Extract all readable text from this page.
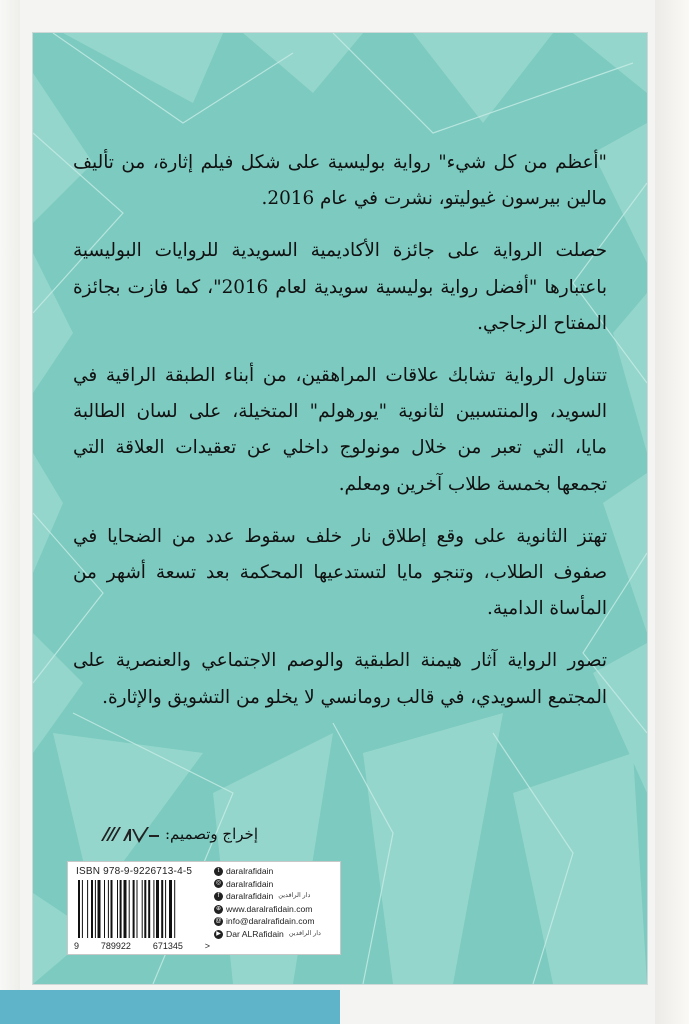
"أعظم من كل شيء" رواية بوليسية على شكل فيلم إثارة، من تأليف مالين بيرسون غيوليتو، نشرت في عام 2016.

حصلت الرواية على جائزة الأكاديمية السويدية للروايات البوليسية باعتبارها "أفضل رواية بوليسية سويدية لعام 2016"، كما فازت بجائزة المفتاح الزجاجي.

تتناول الرواية تشابك علاقات المراهقين، من أبناء الطبقة الراقية في السويد، والمنتسبين لثانوية "يورهولم" المتخيلة، على لسان الطالبة مايا، التي تعبر من خلال مونولوج داخلي عن تعقيدات العلاقة التي تجمعها بخمسة طلاب آخرين ومعلم.

تهتز الثانوية على وقع إطلاق نار خلف سقوط عدد من الضحايا في صفوف الطلاب، وتنجو مايا لتستدعيها المحكمة بعد تسعة أشهر من المأساة الدامية.

تصور الرواية آثار هيمنة الطبقية والوصم الاجتماعي والعنصرية على المجتمع السويدي، في قالب رومانسي لا يخلو من التشويق والإثارة.

إخراج وتصميم:
ISBN 978-9-9226713-4-5
9 789922 671345 >
t daralrafidain
◎ daralrafidain
f daralrafidain دار الرافدين
⊕ www.daralrafidain.com
@ info@daralrafidain.com
▶ Dar ALRafidain دار الرافدين
